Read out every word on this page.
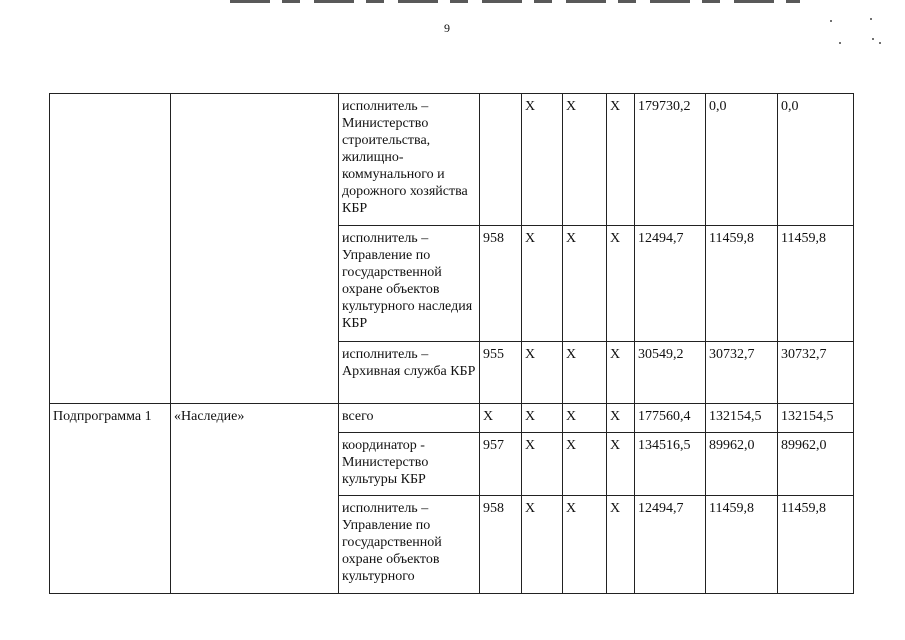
9
		исполнитель – Министерство строительства, жилищно-коммунального и дорожного хозяйства КБР		X	X	X	179730,2	0,0	0,0
		исполнитель – Управление по государственной охране объектов культурного наследия КБР	958	X	X	X	12494,7	11459,8	11459,8
		исполнитель – Архивная служба КБР	955	X	X	X	30549,2	30732,7	30732,7
Подпрограмма 1	«Наследие»	всего	X	X	X	X	177560,4	132154,5	132154,5
		координатор - Министерство культуры КБР	957	X	X	X	134516,5	89962,0	89962,0
		исполнитель – Управление по государственной охране объектов культурного	958	X	X	X	12494,7	11459,8	11459,8
